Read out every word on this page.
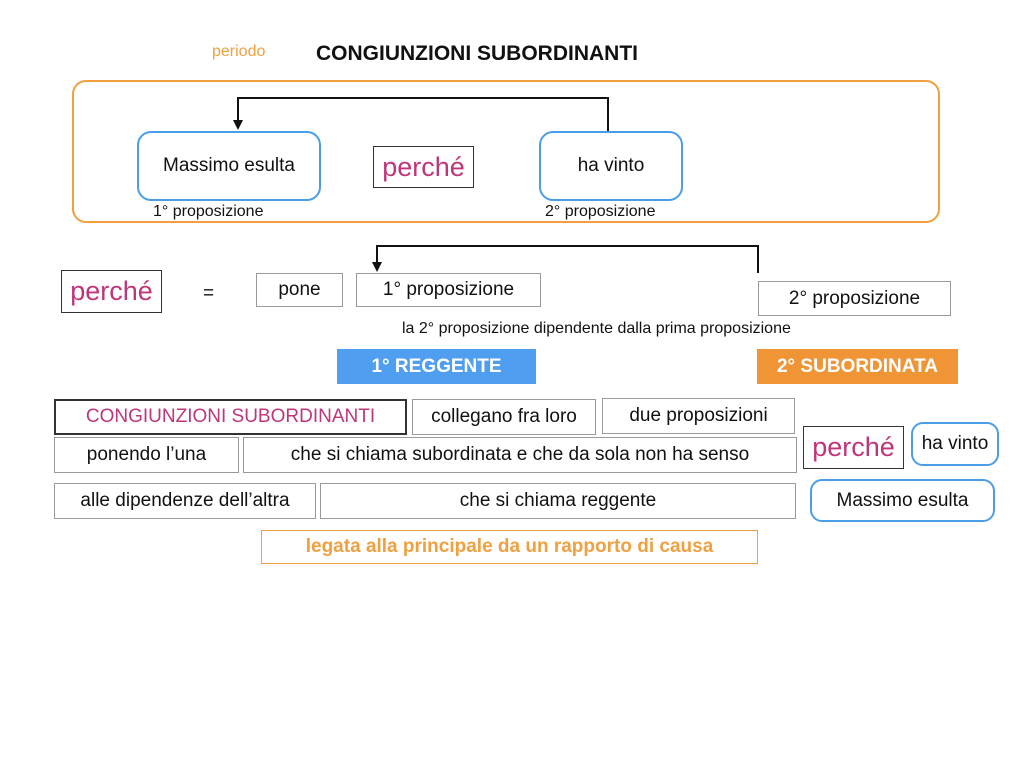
periodo CONGIUNZIONI SUBORDINANTI
Massimo esulta	perché	ha vinto
1° proposizione	2° proposizione
perché	=	pone	1° proposizione	2° proposizione
la 2° proposizione dipendente dalla prima proposizione
1° REGGENTE	2° SUBORDINATA
CONGIUNZIONI SUBORDINANTI	collegano fra loro	due proposizioni
ponendo l’una	che si chiama subordinata e che da sola non ha senso
alle dipendenze dell’altra	che si chiama reggente
legata alla principale da un rapporto di causa
perché	ha vinto
Massimo esulta
